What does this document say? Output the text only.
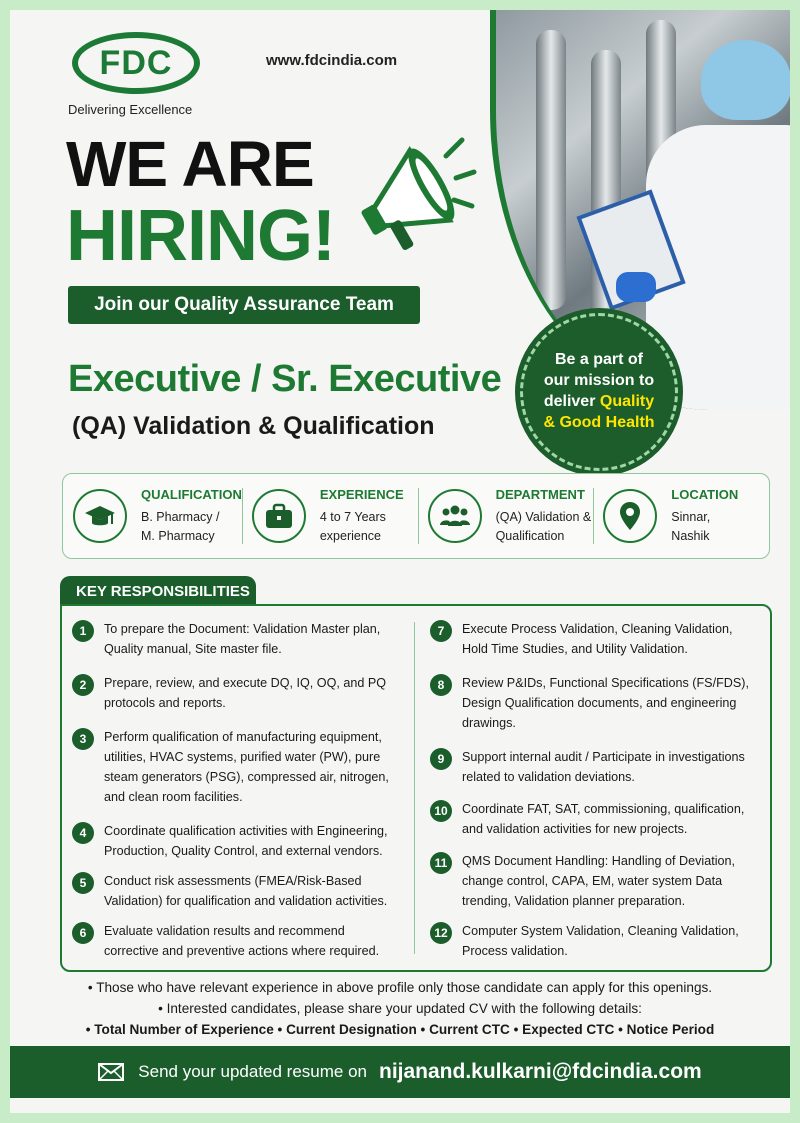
FDC
Delivering Excellence
www.fdcindia.com
WE ARE
HIRING!
Join our Quality Assurance Team
Executive / Sr. Executive
(QA) Validation & Qualification
Be a part of
our mission to
deliver Quality
& Good Health
QUALIFICATION
B. Pharmacy /
M. Pharmacy
EXPERIENCE
4 to 7 Years
experience
DEPARTMENT
(QA) Validation &
Qualification
LOCATION
Sinnar,
Nashik
KEY RESPONSIBILITIES
1	To prepare the Document: Validation Master plan, Quality manual, Site master file.
2	Prepare, review, and execute DQ, IQ, OQ, and PQ protocols and reports.
3	Perform qualification of manufacturing equipment, utilities, HVAC systems, purified water (PW), pure steam generators (PSG), compressed air, nitrogen, and clean room facilities.
4	Coordinate qualification activities with Engineering, Production, Quality Control, and external vendors.
5	Conduct risk assessments (FMEA/Risk-Based Validation) for qualification and validation activities.
6	Evaluate validation results and recommend corrective and preventive actions where required.
7	Execute Process Validation, Cleaning Validation, Hold Time Studies, and Utility Validation.
8	Review P&IDs, Functional Specifications (FS/FDS), Design Qualification documents, and engineering drawings.
9	Support internal audit / Participate in investigations related to validation deviations.
10	Coordinate FAT, SAT, commissioning, qualification, and validation activities for new projects.
11	QMS Document Handling: Handling of Deviation, change control, CAPA, EM, water system Data trending, Validation planner preparation.
12	Computer System Validation, Cleaning Validation, Process validation.
• Those who have relevant experience in above profile only those candidate can apply for this openings.
• Interested candidates, please share your updated CV with the following details:
• Total Number of Experience • Current Designation • Current CTC • Expected CTC • Notice Period
Send your updated resume on nijanand.kulkarni@fdcindia.com
